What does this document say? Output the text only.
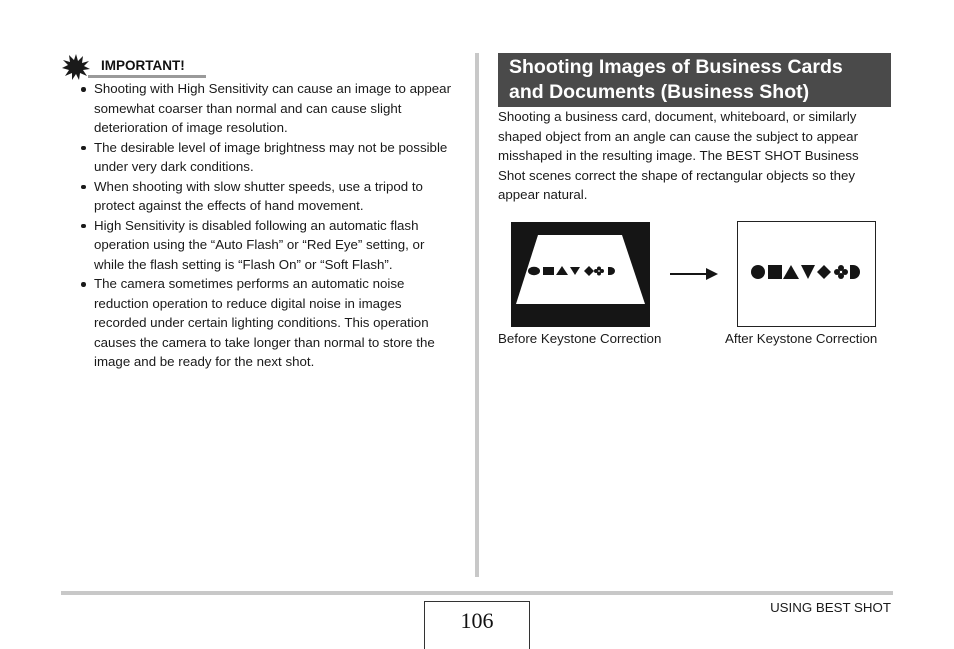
IMPORTANT!
Shooting with High Sensitivity can cause an image to appear somewhat coarser than normal and can cause slight deterioration of image resolution.
The desirable level of image brightness may not be possible under very dark conditions.
When shooting with slow shutter speeds, use a tripod to protect against the effects of hand movement.
High Sensitivity is disabled following an automatic flash operation using the “Auto Flash” or “Red Eye” setting, or while the flash setting is “Flash On” or “Soft Flash”.
The camera sometimes performs an automatic noise reduction operation to reduce digital noise in images recorded under certain lighting conditions. This operation causes the camera to take longer than normal to store the image and be ready for the next shot.
Shooting Images of Business Cards and Documents (Business Shot)
Shooting a business card, document, whiteboard, or similarly shaped object from an angle can cause the subject to appear misshaped in the resulting image. The BEST SHOT Business Shot scenes correct the shape of rectangular objects so they appear natural.
Before Keystone Correction	After Keystone Correction
106
USING BEST SHOT
